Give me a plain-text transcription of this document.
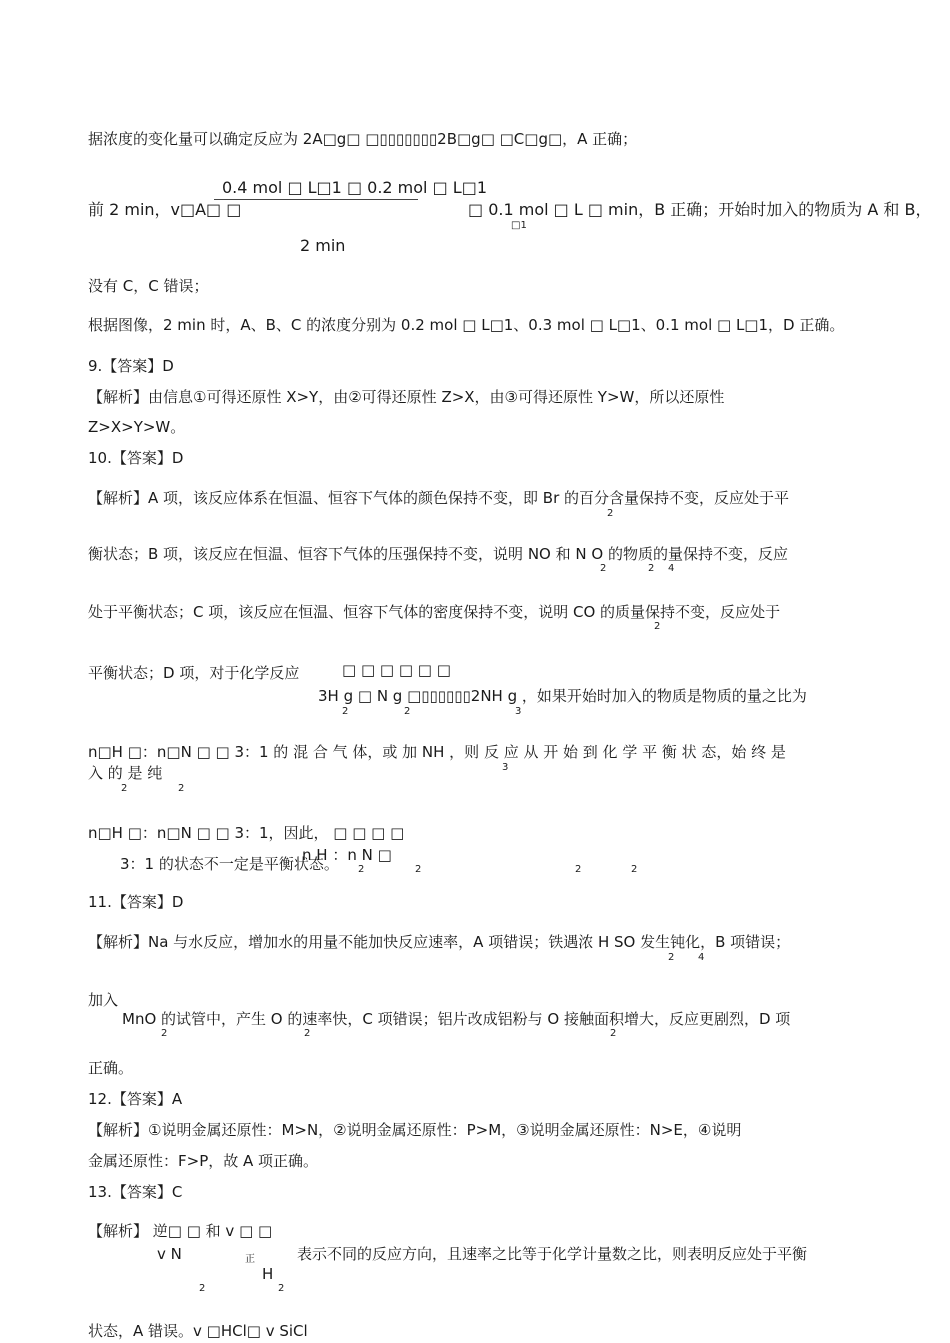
据浓度的变化量可以确定反应为 2A□g□ □▯▯▯▯▯▯▯2B□g□ □C□g□，A 正确；
0.4 mol □ L□1 □ 0.2 mol □ L□1
前 2 min，v□A□ □	□ 0.1 mol □ L □ min，B 正确；开始时加入的物质为 A 和 B，
□1
2 min
没有 C，C 错误；
根据图像，2 min 时，A、B、C 的浓度分别为 0.2 mol □ L□1、0.3 mol □ L□1、0.1 mol □ L□1，D 正确。
9.【答案】D
【解析】由信息①可得还原性 X>Y，由②可得还原性 Z>X，由③可得还原性 Y>W，所以还原性
Z>X>Y>W。
10.【答案】D
【解析】A 项，该反应体系在恒温、恒容下气体的颜色保持不变，即 Br 的百分含量保持不变，反应处于平
2
衡状态；B 项，该反应在恒温、恒容下气体的压强保持不变，说明 NO 和 N O 的物质的量保持不变，反应
2	2 4
处于平衡状态；C 项，该反应在恒温、恒容下气体的密度保持不变，说明 CO 的质量保持不变，反应处于
2
□ □ □ □ □ □
平衡状态；D 项，对于化学反应
3H g □ N g □▯▯▯▯▯▯2NH g ，如果开始时加入的物质是物质的量之比为
2	2	3
n□H □：n□N □ □ 3：1 的 混 合 气 体，或 加 NH ，则 反 应 从 开 始 到 化 学 平 衡 状 态，始 终 是
入 的 是 纯
2	2
3
n□H □：n□N □ □ 3：1，因此， □ □ □ □
n H ：n N □
3：1 的状态不一定是平衡状态。 2	2	2	2
11.【答案】D
【解析】Na 与水反应，增加水的用量不能加快反应速率，A 项错误；铁遇浓 H SO 发生钝化，B 项错误；
2 4
加入
MnO 的试管中，产生 O 的速率快，C 项错误；铝片改成铝粉与 O 接触面积增大，反应更剧烈，D 项
2	2	2
正确。
12.【答案】A
【解析】①说明金属还原性：M>N，②说明金属还原性：P>M，③说明金属还原性：N>E，④说明
金属还原性：F>P，故 A 项正确。
13.【答案】C
【解析】 逆□ □ 和 v □ □
v N	正	表示不同的反应方向，且速率之比等于化学计量数之比，则表明反应处于平衡
H
2	2
状态，A 错误。v □HCl□ v SiCl
